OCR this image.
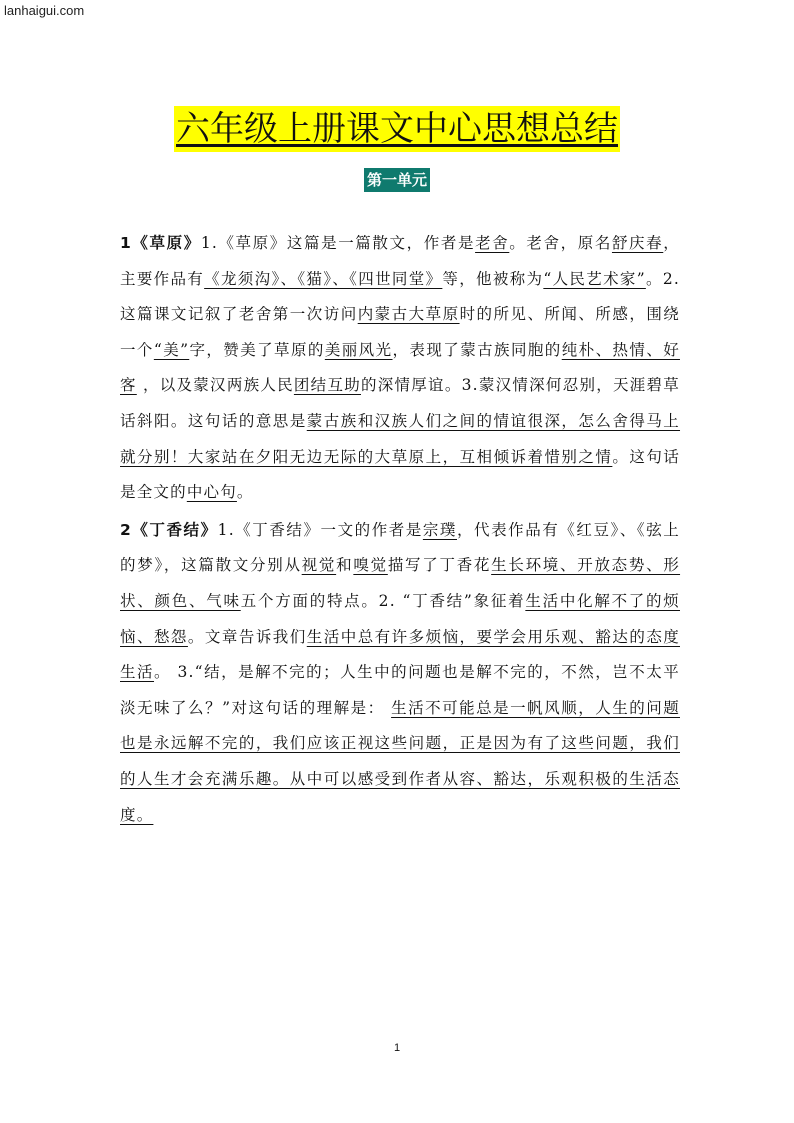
lanhaigui.com
六年级上册课文中心思想总结
第一单元

1《草原》1.《草原》这篇是一篇散文，作者是老舍。老舍，原名舒庆春，主要作品有《龙须沟》、《猫》、《四世同堂》等，他被称为“人民艺术家”。2. 这篇课文记叙了老舍第一次访问内蒙古大草原时的所见、所闻、所感，围绕一个“美”字，赞美了草原的美丽风光，表现了蒙古族同胞的纯朴、热情、好客 ，以及蒙汉两族人民团结互助的深情厚谊。3.蒙汉情深何忍别，天涯碧草话斜阳。这句话的意思是蒙古族和汉族人们之间的情谊很深，怎么舍得马上就分别！大家站在夕阳无边无际的大草原上，互相倾诉着惜别之情。这句话是全文的中心句。

2《丁香结》1.《丁香结》一文的作者是宗璞，代表作品有《红豆》、《弦上的梦》，这篇散文分别从视觉和嗅觉描写了丁香花生长环境、开放态势、形状、颜色、气味五个方面的特点。2. “丁香结”象征着生活中化解不了的烦恼、愁怨。文章告诉我们生活中总有许多烦恼，要学会用乐观、豁达的态度生活。 3.“结，是解不完的；人生中的问题也是解不完的，不然，岂不太平淡无味了么？”对这句话的理解是： 生活不可能总是一帆风顺，人生的问题也是永远解不完的，我们应该正视这些问题，正是因为有了这些问题，我们的人生才会充满乐趣。从中可以感受到作者从容、豁达，乐观积极的生活态度。

1
